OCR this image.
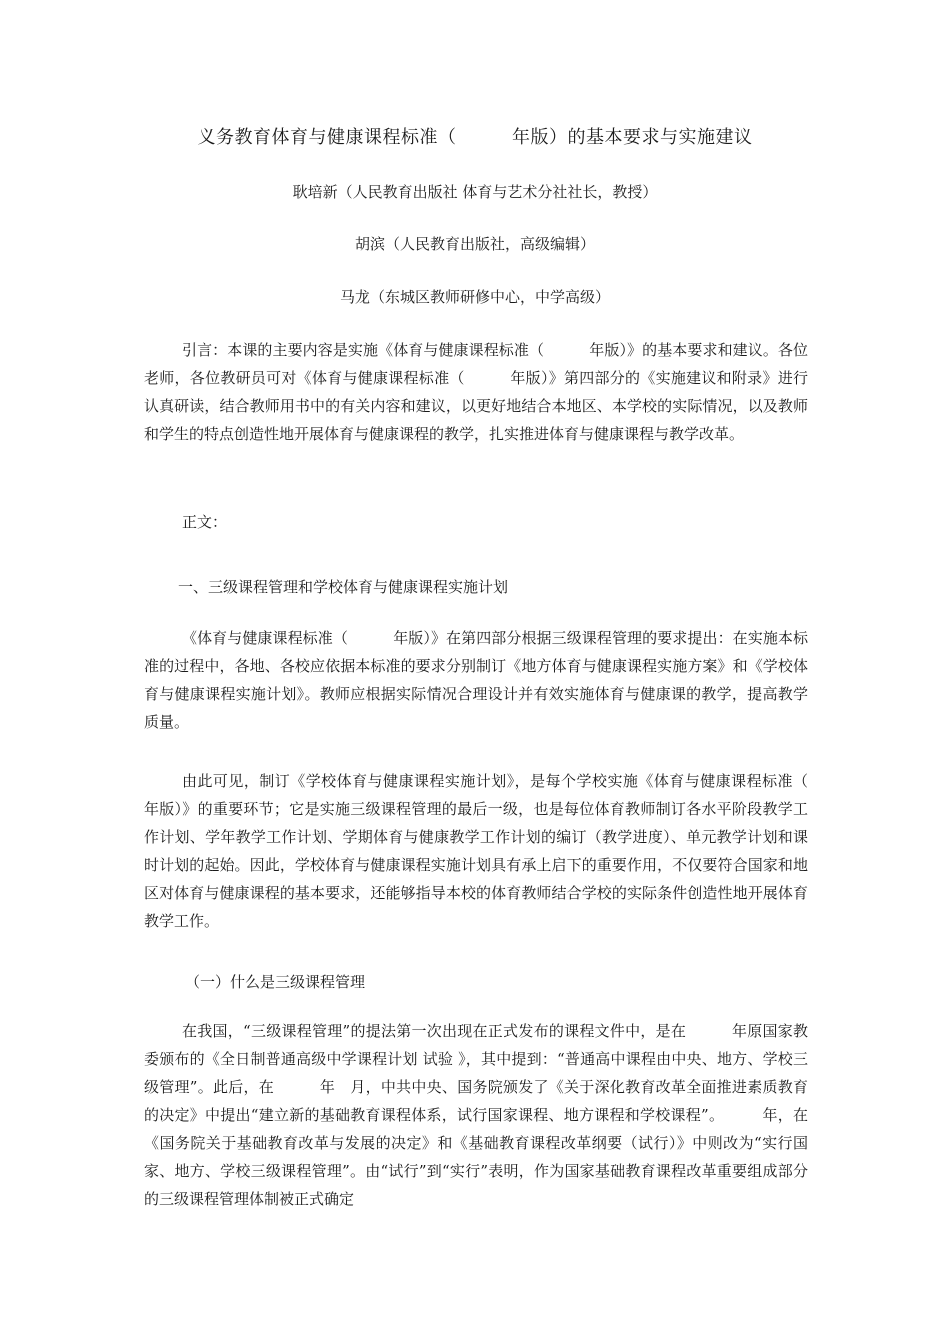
义务教育体育与健康课程标准（　　　年版）的基本要求与实施建议
耿培新（人民教育出版社 体育与艺术分社社长，教授）
胡滨（人民教育出版社，高级编辑）
马龙（东城区教师研修中心，中学高级）

引言：本课的主要内容是实施《体育与健康课程标准（　　　年版）》的基本要求和建议。各位老师，各位教研员可对《体育与健康课程标准（　　　年版）》第四部分的《实施建议和附录》进行认真研读，结合教师用书中的有关内容和建议，以更好地结合本地区、本学校的实际情况，以及教师和学生的特点创造性地开展体育与健康课程的教学，扎实推进体育与健康课程与教学改革。

正文：

一、三级课程管理和学校体育与健康课程实施计划

《体育与健康课程标准（　　　年版）》在第四部分根据三级课程管理的要求提出：在实施本标准的过程中，各地、各校应依据本标准的要求分别制订《地方体育与健康课程实施方案》和《学校体育与健康课程实施计划》。教师应根据实际情况合理设计并有效实施体育与健康课的教学，提高教学质量。

由此可见，制订《学校体育与健康课程实施计划》，是每个学校实施《体育与健康课程标准（　　　年版）》的重要环节；它是实施三级课程管理的最后一级，也是每位体育教师制订各水平阶段教学工作计划、学年教学工作计划、学期体育与健康教学工作计划的编订（教学进度）、单元教学计划和课时计划的起始。因此，学校体育与健康课程实施计划具有承上启下的重要作用，不仅要符合国家和地区对体育与健康课程的基本要求，还能够指导本校的体育教师结合学校的实际条件创造性地开展体育教学工作。

（一）什么是三级课程管理

在我国，“三级课程管理”的提法第一次出现在正式发布的课程文件中，是在　　　年原国家教委颁布的《全日制普通高级中学课程计划 试验 》，其中提到：“普通高中课程由中央、地方、学校三级管理”。此后，在　　　年　月，中共中央、国务院颁发了《关于深化教育改革全面推进素质教育的决定》中提出“建立新的基础教育课程体系，试行国家课程、地方课程和学校课程”。　　　年，在《国务院关于基础教育改革与发展的决定》和《基础教育课程改革纲要（试行）》中则改为“实行国家、地方、学校三级课程管理”。由“试行”到“实行”表明，作为国家基础教育课程改革重要组成部分的三级课程管理体制被正式确定
